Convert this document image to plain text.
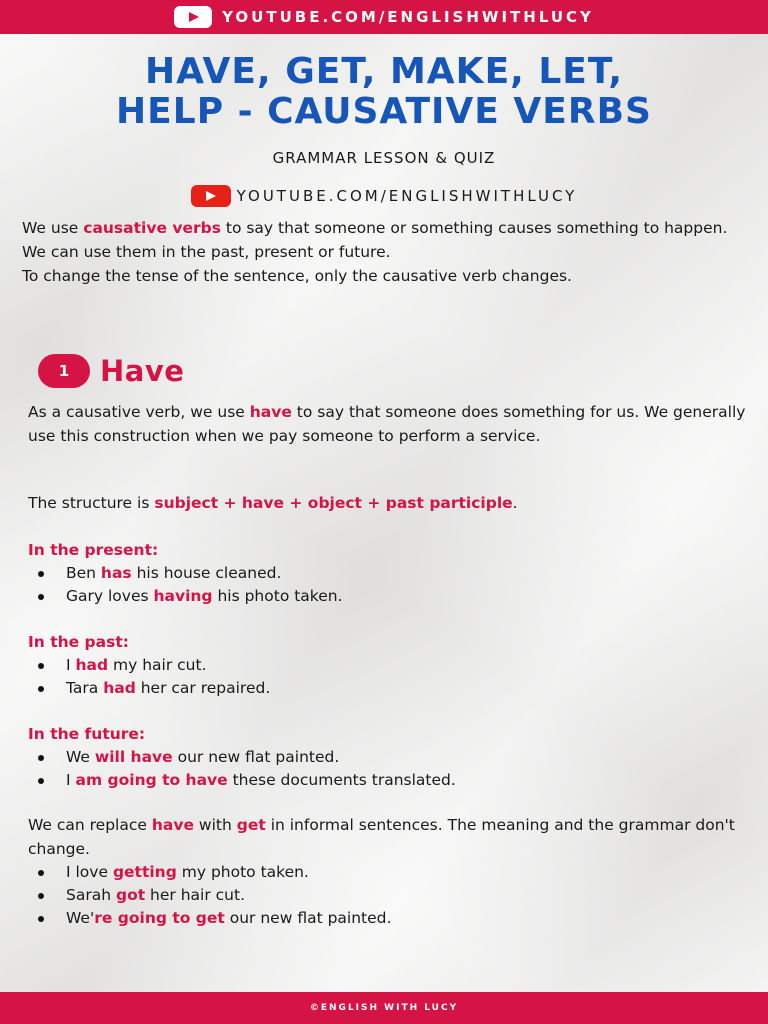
YOUTUBE.COM/ENGLISHWITHLUCY
HAVE, GET, MAKE, LET,
HELP - CAUSATIVE VERBS
GRAMMAR LESSON & QUIZ
YOUTUBE.COM/ENGLISHWITHLUCY
We use causative verbs to say that someone or something causes something to happen. We can use them in the past, present or future.
To change the tense of the sentence, only the causative verb changes.
1	Have
As a causative verb, we use have to say that someone does something for us. We generally use this construction when we pay someone to perform a service.
The structure is subject + have + object + past participle.
In the present:
Ben has his house cleaned.
Gary loves having his photo taken.
In the past:
I had my hair cut.
Tara had her car repaired.
In the future:
We will have our new flat painted.
I am going to have these documents translated.
We can replace have with get in informal sentences. The meaning and the grammar don't change.
I love getting my photo taken.
Sarah got her hair cut.
We're going to get our new flat painted.
©ENGLISH WITH LUCY
